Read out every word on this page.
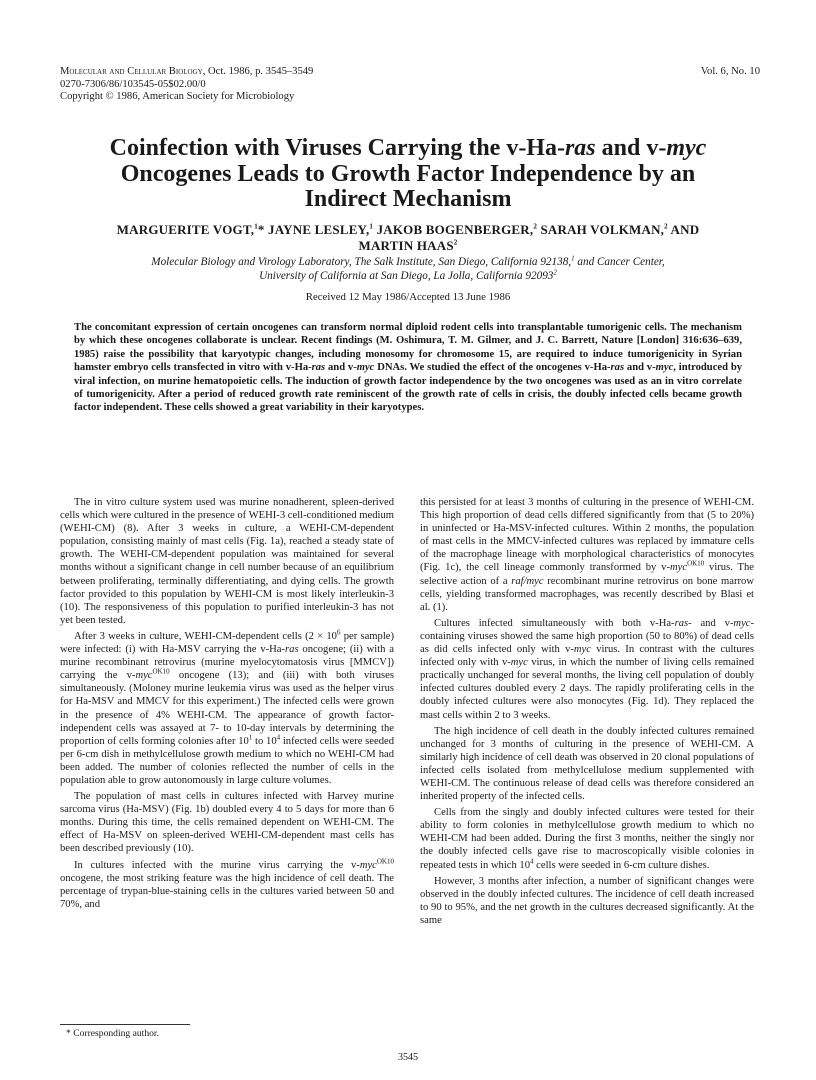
Molecular and Cellular Biology, Oct. 1986, p. 3545–3549
0270-7306/86/103545-05$02.00/0
Copyright © 1986, American Society for Microbiology
Vol. 6, No. 10
Coinfection with Viruses Carrying the v-Ha-ras and v-myc
Oncogenes Leads to Growth Factor Independence by an
Indirect Mechanism
MARGUERITE VOGT,$^1$* JAYNE LESLEY,$^1$ JAKOB BOGENBERGER,$^2$ SARAH VOLKMAN,$^2$ AND
MARTIN HAAS$^2$
Molecular Biology and Virology Laboratory, The Salk Institute, San Diego, California 92138,$^1$ and Cancer Center,
University of California at San Diego, La Jolla, California 92093$^2$
Received 12 May 1986/Accepted 13 June 1986
The concomitant expression of certain oncogenes can transform normal diploid rodent cells into transplantable tumorigenic cells. The mechanism by which these oncogenes collaborate is unclear. Recent findings (M. Oshimura, T. M. Gilmer, and J. C. Barrett, Nature [London] 316:636–639, 1985) raise the possibility that karyotypic changes, including monosomy for chromosome 15, are required to induce tumorigenicity in Syrian hamster embryo cells transfected in vitro with v-Ha-ras and v-myc DNAs. We studied the effect of the oncogenes v-Ha-ras and v-myc, introduced by viral infection, on murine hematopoietic cells. The induction of growth factor independence by the two oncogenes was used as an in vitro correlate of tumorigenicity. After a period of reduced growth rate reminiscent of the growth rate of cells in crisis, the doubly infected cells became growth factor independent. These cells showed a great variability in their karyotypes.

The in vitro culture system used was murine nonadherent, spleen-derived cells which were cultured in the presence of WEHI-3 cell-conditioned medium (WEHI-CM) (8). After 3 weeks in culture, a WEHI-CM-dependent population, consisting mainly of mast cells (Fig. 1a), reached a steady state of growth. The WEHI-CM-dependent population was maintained for several months without a significant change in cell number because of an equilibrium between proliferating, terminally differentiating, and dying cells. The growth factor provided to this population by WEHI-CM is most likely interleukin-3 (10). The responsiveness of this population to purified interleukin-3 has not yet been tested.

After 3 weeks in culture, WEHI-CM-dependent cells ($2 \times 10^6$ per sample) were infected: (i) with Ha-MSV carrying the v-Ha-ras oncogene; (ii) with a murine recombinant retrovirus (murine myelocytomatosis virus [MMCV]) carrying the v-myc$^{OK10}$ oncogene (13); and (iii) with both viruses simultaneously. (Moloney murine leukemia virus was used as the helper virus for Ha-MSV and MMCV for this experiment.) The infected cells were grown in the presence of 4% WEHI-CM. The appearance of growth factor-independent cells was assayed at 7- to 10-day intervals by determining the proportion of cells forming colonies after $10^1$ to $10^4$ infected cells were seeded per 6-cm dish in methylcellulose growth medium to which no WEHI-CM had been added. The number of colonies reflected the number of cells in the population able to grow autonomously in large culture volumes.

The population of mast cells in cultures infected with Harvey murine sarcoma virus (Ha-MSV) (Fig. 1b) doubled every 4 to 5 days for more than 6 months. During this time, the cells remained dependent on WEHI-CM. The effect of Ha-MSV on spleen-derived WEHI-CM-dependent mast cells has been described previously (10).

In cultures infected with the murine virus carrying the v-myc$^{OK10}$ oncogene, the most striking feature was the high incidence of cell death. The percentage of trypan-blue-staining cells in the cultures varied between 50 and 70%, and

this persisted for at least 3 months of culturing in the presence of WEHI-CM. This high proportion of dead cells differed significantly from that (5 to 20%) in uninfected or Ha-MSV-infected cultures. Within 2 months, the population of mast cells in the MMCV-infected cultures was replaced by immature cells of the macrophage lineage with morphological characteristics of monocytes (Fig. 1c), the cell lineage commonly transformed by v-myc$^{OK10}$ virus. The selective action of a raf/myc recombinant murine retrovirus on bone marrow cells, yielding transformed macrophages, was recently described by Blasi et al. (1).

Cultures infected simultaneously with both v-Ha-ras- and v-myc-containing viruses showed the same high proportion (50 to 80%) of dead cells as did cells infected only with v-myc virus. In contrast with the cultures infected only with v-myc virus, in which the number of living cells remained practically unchanged for several months, the living cell population of doubly infected cultures doubled every 2 days. The rapidly proliferating cells in the doubly infected cultures were also monocytes (Fig. 1d). They replaced the mast cells within 2 to 3 weeks.

The high incidence of cell death in the doubly infected cultures remained unchanged for 3 months of culturing in the presence of WEHI-CM. A similarly high incidence of cell death was observed in 20 clonal populations of infected cells isolated from methylcellulose medium supplemented with WEHI-CM. The continuous release of dead cells was therefore considered an inherited property of the infected cells.

Cells from the singly and doubly infected cultures were tested for their ability to form colonies in methylcellulose growth medium to which no WEHI-CM had been added. During the first 3 months, neither the singly nor the doubly infected cells gave rise to macroscopically visible colonies in repeated tests in which $10^4$ cells were seeded in 6-cm culture dishes.

However, 3 months after infection, a number of significant changes were observed in the doubly infected cultures. The incidence of cell death increased to 90 to 95%, and the net growth in the cultures decreased significantly. At the same

* Corresponding author.
3545
